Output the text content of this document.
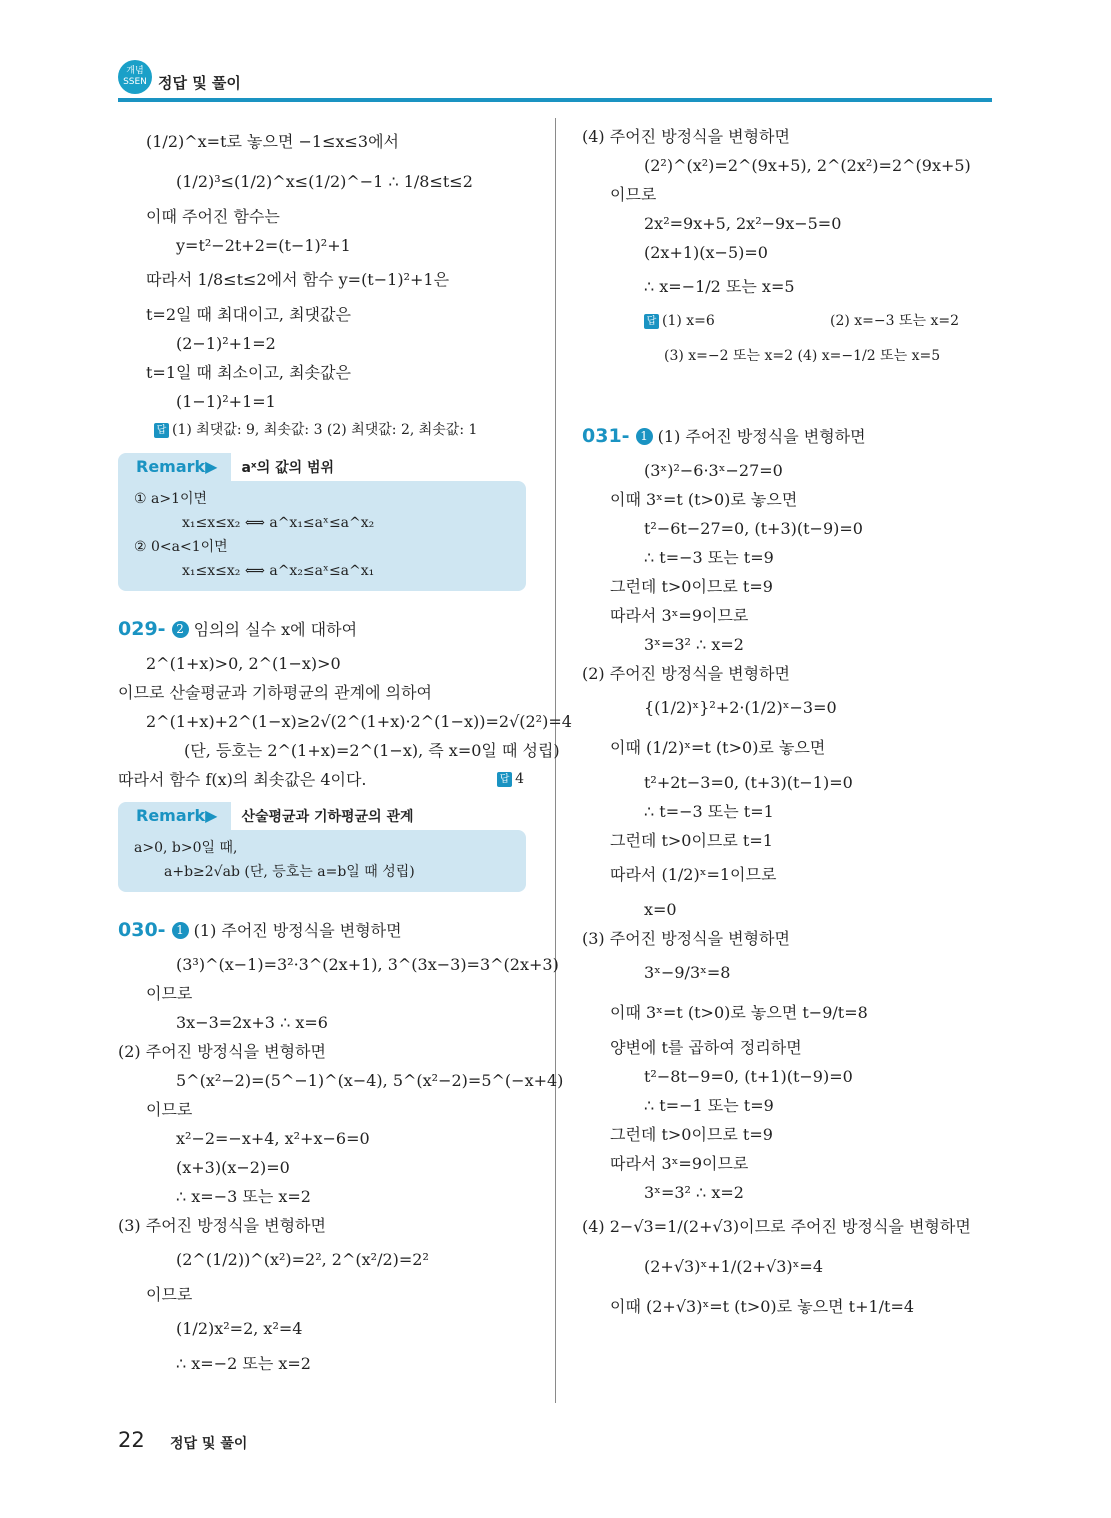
개념 SSEN 정답 및 풀이
(1/2)^x=t로 놓으면 −1≤x≤3에서
(1/2)³≤(1/2)^x≤(1/2)^−1 ∴ 1/8≤t≤2
이때 주어진 함수는
y=t²−2t+2=(t−1)²+1
따라서 1/8≤t≤2에서 함수 y=(t−1)²+1은
t=2일 때 최대이고, 최댓값은
(2−1)²+1=2
t=1일 때 최소이고, 최솟값은
(1−1)²+1=1
답 (1) 최댓값: 9, 최솟값: 3 (2) 최댓값: 2, 최솟값: 1
Remark▶ aˣ의 값의 범위
① a>1이면
x₁≤x≤x₂ ⟺ a^x₁≤aˣ≤a^x₂
② 0<a<1이면
x₁≤x≤x₂ ⟺ a^x₂≤aˣ≤a^x₁
029- 2 임의의 실수 x에 대하여
2^(1+x)>0, 2^(1−x)>0
이므로 산술평균과 기하평균의 관계에 의하여
2^(1+x)+2^(1−x)≥2√(2^(1+x)·2^(1−x))=2√(2²)=4
(단, 등호는 2^(1+x)=2^(1−x), 즉 x=0일 때 성립)
따라서 함수 f(x)의 최솟값은 4이다.	답 4
Remark▶ 산술평균과 기하평균의 관계
a>0, b>0일 때,
a+b≥2√ab (단, 등호는 a=b일 때 성립)
030- 1 (1) 주어진 방정식을 변형하면
(3³)^(x−1)=3²·3^(2x+1), 3^(3x−3)=3^(2x+3)
이므로
3x−3=2x+3 ∴ x=6
(2) 주어진 방정식을 변형하면
5^(x²−2)=(5^−1)^(x−4), 5^(x²−2)=5^(−x+4)
이므로
x²−2=−x+4, x²+x−6=0
(x+3)(x−2)=0
∴ x=−3 또는 x=2
(3) 주어진 방정식을 변형하면
(2^(1/2))^(x²)=2², 2^(x²/2)=2²
이므로
(1/2)x²=2, x²=4
∴ x=−2 또는 x=2
(4) 주어진 방정식을 변형하면
(2²)^(x²)=2^(9x+5), 2^(2x²)=2^(9x+5)
이므로
2x²=9x+5, 2x²−9x−5=0
(2x+1)(x−5)=0
∴ x=−1/2 또는 x=5
답 (1) x=6	(2) x=−3 또는 x=2
(3) x=−2 또는 x=2 (4) x=−1/2 또는 x=5
031- 1 (1) 주어진 방정식을 변형하면
(3ˣ)²−6·3ˣ−27=0
이때 3ˣ=t (t>0)로 놓으면
t²−6t−27=0, (t+3)(t−9)=0
∴ t=−3 또는 t=9
그런데 t>0이므로 t=9
따라서 3ˣ=9이므로
3ˣ=3² ∴ x=2
(2) 주어진 방정식을 변형하면
{(1/2)ˣ}²+2·(1/2)ˣ−3=0
이때 (1/2)ˣ=t (t>0)로 놓으면
t²+2t−3=0, (t+3)(t−1)=0
∴ t=−3 또는 t=1
그런데 t>0이므로 t=1
따라서 (1/2)ˣ=1이므로
x=0
(3) 주어진 방정식을 변형하면
3ˣ−9/3ˣ=8
이때 3ˣ=t (t>0)로 놓으면 t−9/t=8
양변에 t를 곱하여 정리하면
t²−8t−9=0, (t+1)(t−9)=0
∴ t=−1 또는 t=9
그런데 t>0이므로 t=9
따라서 3ˣ=9이므로
3ˣ=3² ∴ x=2
(4) 2−√3=1/(2+√3)이므로 주어진 방정식을 변형하면
(2+√3)ˣ+1/(2+√3)ˣ=4
이때 (2+√3)ˣ=t (t>0)로 놓으면 t+1/t=4
22 정답 및 풀이
